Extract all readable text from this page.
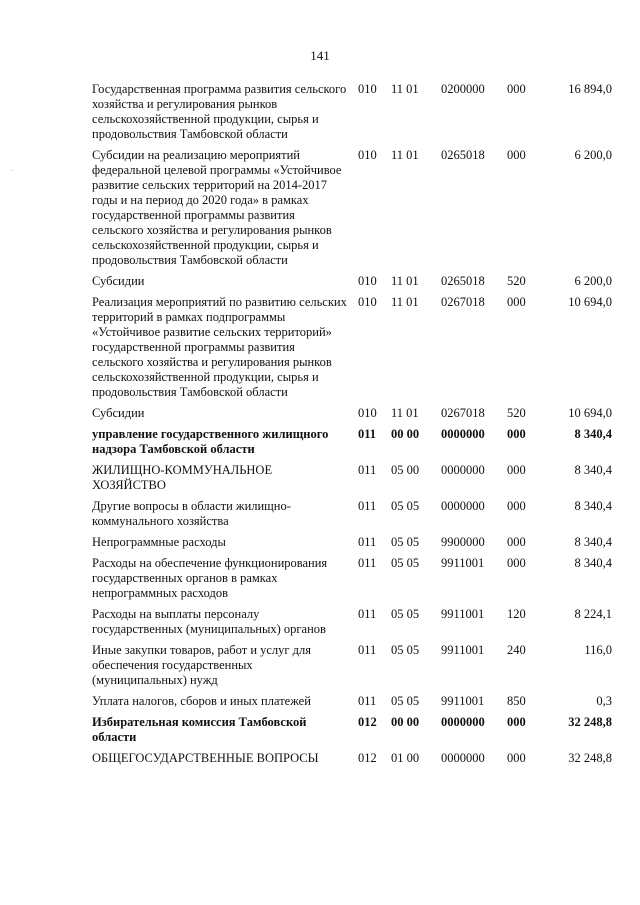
141
Государственная программа развития сельского хозяйства и регулирования рынков сельскохозяйственной продукции, сырья и продовольствия Тамбовской области	010	11 01	0200000	000	16 894,0
Субсидии на реализацию мероприятий федеральной целевой программы «Устойчивое развитие сельских территорий на 2014-2017 годы и на период до 2020 года» в рамках государственной программы развития сельского хозяйства и регулирования рынков сельскохозяйственной продукции, сырья и продовольствия Тамбовской области	010	11 01	0265018	000	6 200,0
Субсидии	010	11 01	0265018	520	6 200,0
Реализация мероприятий по развитию сельских территорий в рамках подпрограммы «Устойчивое развитие сельских территорий» государственной программы развития сельского хозяйства и регулирования рынков сельскохозяйственной продукции, сырья и продовольствия Тамбовской области	010	11 01	0267018	000	10 694,0
Субсидии	010	11 01	0267018	520	10 694,0
управление государственного жилищного надзора Тамбовской области	011	00 00	0000000	000	8 340,4
ЖИЛИЩНО-КОММУНАЛЬНОЕ ХОЗЯЙСТВО	011	05 00	0000000	000	8 340,4
Другие вопросы в области жилищно-коммунального хозяйства	011	05 05	0000000	000	8 340,4
Непрограммные расходы	011	05 05	9900000	000	8 340,4
Расходы на обеспечение функционирования государственных органов в рамках непрограммных расходов	011	05 05	9911001	000	8 340,4
Расходы на выплаты персоналу государственных (муниципальных) органов	011	05 05	9911001	120	8 224,1
Иные закупки товаров, работ и услуг для обеспечения государственных (муниципальных) нужд	011	05 05	9911001	240	116,0
Уплата налогов, сборов и иных платежей	011	05 05	9911001	850	0,3
Избирательная комиссия Тамбовской области	012	00 00	0000000	000	32 248,8
ОБЩЕГОСУДАРСТВЕННЫЕ ВОПРОСЫ	012	01 00	0000000	000	32 248,8
